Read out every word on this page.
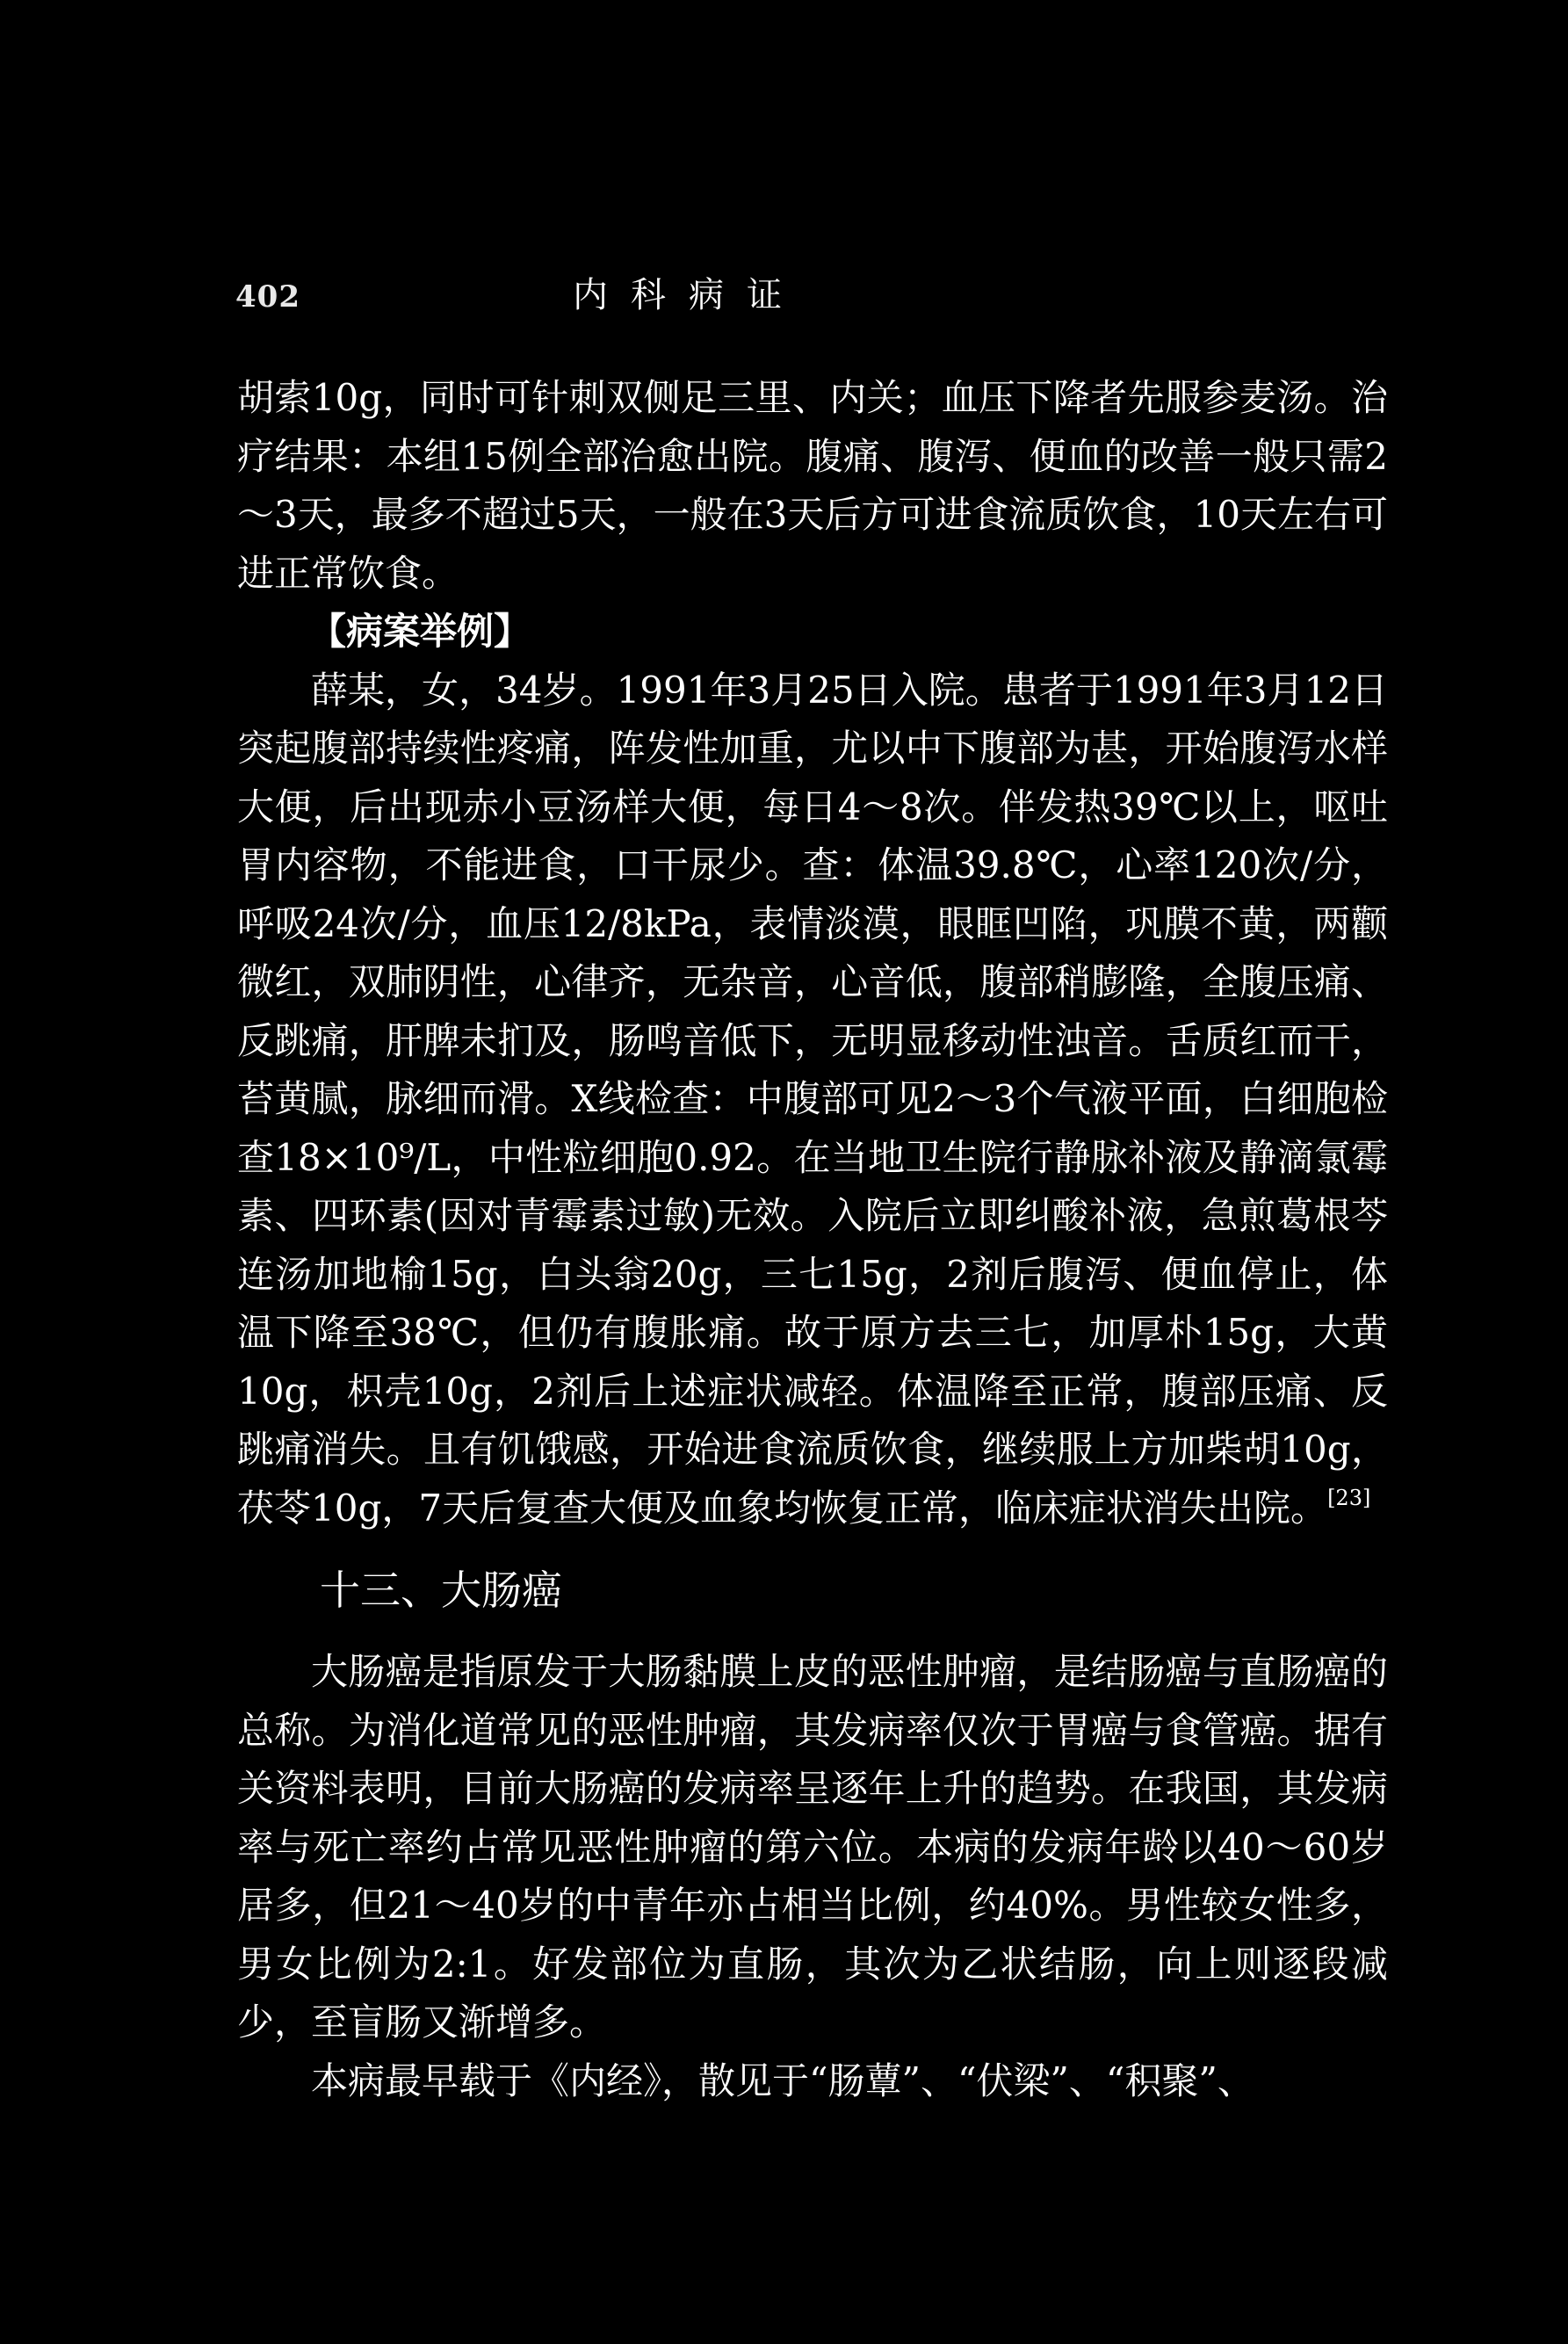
402	内科病证

胡索10g，同时可针刺双侧足三里、内关；血压下降者先服参麦汤。治疗结果：本组15例全部治愈出院。腹痛、腹泻、便血的改善一般只需2～3天，最多不超过5天，一般在3天后方可进食流质饮食，10天左右可进正常饮食。

【病案举例】

薛某，女，34岁。1991年3月25日入院。患者于1991年3月12日突起腹部持续性疼痛，阵发性加重，尤以中下腹部为甚，开始腹泻水样大便，后出现赤小豆汤样大便，每日4～8次。伴发热39℃以上，呕吐胃内容物，不能进食，口干尿少。查：体温39.8℃，心率120次/分，呼吸24次/分，血压12/8kPa，表情淡漠，眼眶凹陷，巩膜不黄，两颧微红，双肺阴性，心律齐，无杂音，心音低，腹部稍膨隆，全腹压痛、反跳痛，肝脾未扪及，肠鸣音低下，无明显移动性浊音。舌质红而干，苔黄腻，脉细而滑。X线检查：中腹部可见2～3个气液平面，白细胞检查18×10⁹/L，中性粒细胞0.92。在当地卫生院行静脉补液及静滴氯霉素、四环素(因对青霉素过敏)无效。入院后立即纠酸补液，急煎葛根芩连汤加地榆15g，白头翁20g，三七15g，2剂后腹泻、便血停止，体温下降至38℃，但仍有腹胀痛。故于原方去三七，加厚朴15g，大黄10g，枳壳10g，2剂后上述症状减轻。体温降至正常，腹部压痛、反跳痛消失。且有饥饿感，开始进食流质饮食，继续服上方加柴胡10g，茯苓10g，7天后复查大便及血象均恢复正常，临床症状消失出院。[23]

十三、大肠癌

大肠癌是指原发于大肠黏膜上皮的恶性肿瘤，是结肠癌与直肠癌的总称。为消化道常见的恶性肿瘤，其发病率仅次于胃癌与食管癌。据有关资料表明，目前大肠癌的发病率呈逐年上升的趋势。在我国，其发病率与死亡率约占常见恶性肿瘤的第六位。本病的发病年龄以40～60岁居多，但21～40岁的中青年亦占相当比例，约40%。男性较女性多，男女比例为2:1。好发部位为直肠，其次为乙状结肠，向上则逐段减少，至盲肠又渐增多。

本病最早载于《内经》，散见于“肠蕈”、“伏梁”、“积聚”、
